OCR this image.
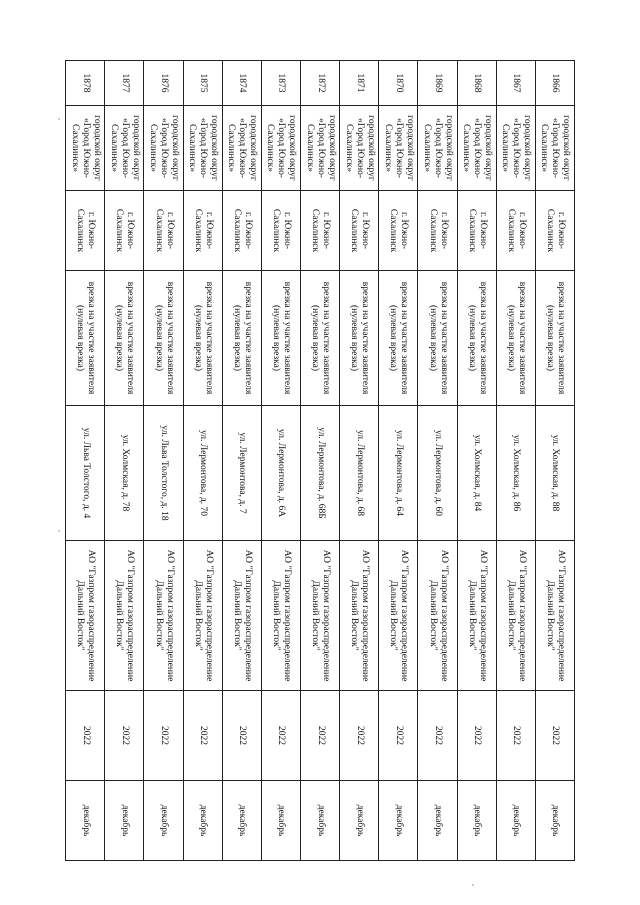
1866	городской округ «Город Южно-Сахалинск»	г. Южно-Сахалинск	врезка на участке заявителя (нулевая врезка)	ул. Холмская, д. 88	АО "Газпром газораспределение Дальний Восток"	2022	декабрь
1867	городской округ «Город Южно-Сахалинск»	г. Южно-Сахалинск	врезка на участке заявителя (нулевая врезка)	ул. Холмская, д. 86	АО "Газпром газораспределение Дальний Восток"	2022	декабрь
1868	городской округ «Город Южно-Сахалинск»	г. Южно-Сахалинск	врезка на участке заявителя (нулевая врезка)	ул. Холмская, д. 84	АО "Газпром газораспределение Дальний Восток"	2022	декабрь
1869	городской округ «Город Южно-Сахалинск»	г. Южно-Сахалинск	врезка на участке заявителя (нулевая врезка)	ул. Лермонтова, д. 60	АО "Газпром газораспределение Дальний Восток"	2022	декабрь
1870	городской округ «Город Южно-Сахалинск»	г. Южно-Сахалинск	врезка на участке заявителя (нулевая врезка)	ул. Лермонтова, д. 64	АО "Газпром газораспределение Дальний Восток"	2022	декабрь
1871	городской округ «Город Южно-Сахалинск»	г. Южно-Сахалинск	врезка на участке заявителя (нулевая врезка)	ул. Лермонтова, д. 68	АО "Газпром газораспределение Дальний Восток"	2022	декабрь
1872	городской округ «Город Южно-Сахалинск»	г. Южно-Сахалинск	врезка на участке заявителя (нулевая врезка)	ул. Лермонтова, д. 68Б	АО "Газпром газораспределение Дальний Восток"	2022	декабрь
1873	городской округ «Город Южно-Сахалинск»	г. Южно-Сахалинск	врезка на участке заявителя (нулевая врезка)	ул. Лермонтова, д. 6А	АО "Газпром газораспределение Дальний Восток"	2022	декабрь
1874	городской округ «Город Южно-Сахалинск»	г. Южно-Сахалинск	врезка на участке заявителя (нулевая врезка)	ул. Лермонтова, д. 7	АО "Газпром газораспределение Дальний Восток"	2022	декабрь
1875	городской округ «Город Южно-Сахалинск»	г. Южно-Сахалинск	врезка на участке заявителя (нулевая врезка)	ул. Лермонтова, д. 70	АО "Газпром газораспределение Дальний Восток"	2022	декабрь
1876	городской округ «Город Южно-Сахалинск»	г. Южно-Сахалинск	врезка на участке заявителя (нулевая врезка)	ул. Льва Толстого, д. 18	АО "Газпром газораспределение Дальний Восток"	2022	декабрь
1877	городской округ «Город Южно-Сахалинск»	г. Южно-Сахалинск	врезка на участке заявителя (нулевая врезка)	ул. Холмская, д. 78	АО "Газпром газораспределение Дальний Восток"	2022	декабрь
1878	городской округ «Город Южно-Сахалинск»	г. Южно-Сахалинск	врезка на участке заявителя (нулевая врезка)	ул. Льва Толстого, д. 4	АО "Газпром газораспределение Дальний Восток"	2022	декабрь
